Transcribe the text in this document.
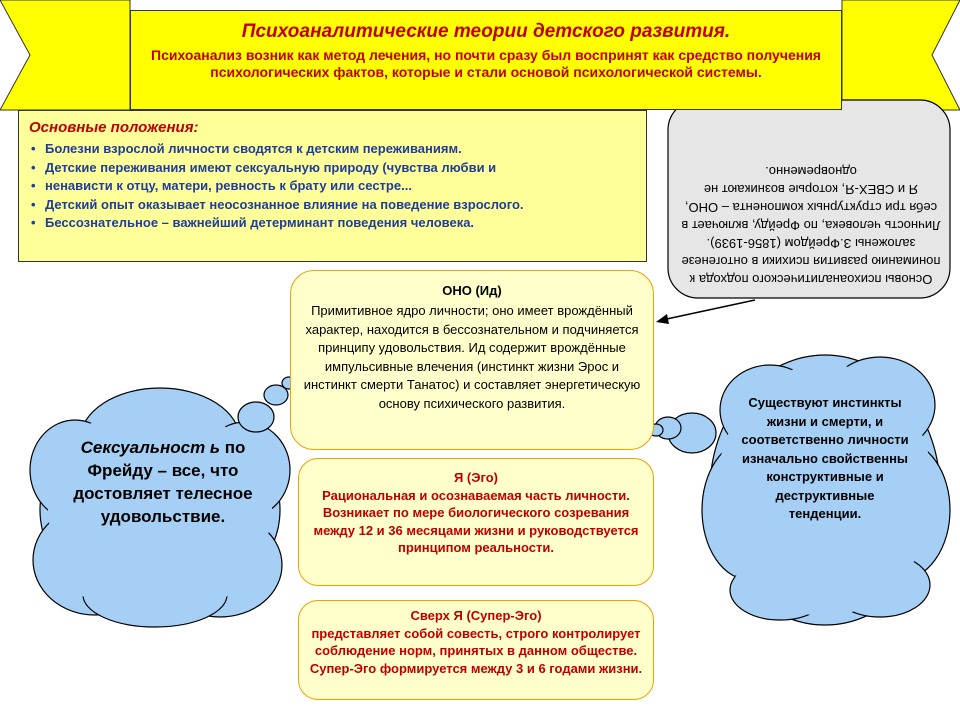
Психоаналитические теории детского развития.
Психоанализ возник как метод лечения, но почти сразу был воспринят как средство получения психологических фактов, которые и стали основой психологической системы.
Основные положения:
• Болезни взрослой личности сводятся к детским переживаниям.
• Детские переживания имеют сексуальную природу (чувства любви и
• ненависти к отцу, матери, ревность к брату или сестре...
• Детский опыт оказывает неосознанное влияние на поведение взрослого.
• Бессознательное – важнейший детерминант поведения человека.
Основы психоаналитического подхода к пониманию развития психики в онтогенезе заложены З.Фрейдом (1856-1939). Личность человека, по Фрейду, включает в себя три структурных компонента – ОНО, Я и СВЕХ-Я, которые возникают не одновременно.
ОНО (Ид)
Примитивное ядро личности; оно имеет врождённый характер, находится в бессознательном и подчиняется принципу удовольствия. Ид содержит врождённые импульсивные влечения (инстинкт жизни Эрос и инстинкт смерти Танатос) и составляет энергетическую основу психического развития.
Я (Эго)
Рациональная и осознаваемая часть личности. Возникает по мере биологического созревания между 12 и 36 месяцами жизни и руководствуется принципом реальности.
Сверх Я (Супер-Эго)
представляет собой совесть, строго контролирует соблюдение норм, принятых в данном обществе. Супер-Эго формируется между 3 и 6 годами жизни.
Сексуальност ь по Фрейду – все, что достовляет телесное удовольствие.
Существуют инстинкты жизни и смерти, и соответственно личности изначально свойственны конструктивные и деструктивные тенденции.
